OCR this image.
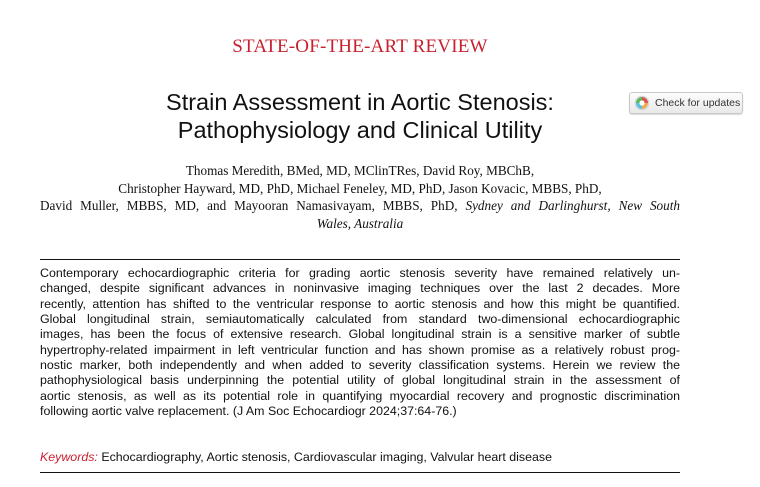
STATE-OF-THE-ART REVIEW
Strain Assessment in Aortic Stenosis:
Pathophysiology and Clinical Utility
Check for updates
Thomas Meredith, BMed, MD, MClinTRes, David Roy, MBChB,
Christopher Hayward, MD, PhD, Michael Feneley, MD, PhD, Jason Kovacic, MBBS, PhD,
David Muller, MBBS, MD, and Mayooran Namasivayam, MBBS, PhD, Sydney and Darlinghurst, New South
Wales, Australia
Contemporary echocardiographic criteria for grading aortic stenosis severity have remained relatively un-
changed, despite significant advances in noninvasive imaging techniques over the last 2 decades. More
recently, attention has shifted to the ventricular response to aortic stenosis and how this might be quantified.
Global longitudinal strain, semiautomatically calculated from standard two-dimensional echocardiographic
images, has been the focus of extensive research. Global longitudinal strain is a sensitive marker of subtle
hypertrophy-related impairment in left ventricular function and has shown promise as a relatively robust prog-
nostic marker, both independently and when added to severity classification systems. Herein we review the
pathophysiological basis underpinning the potential utility of global longitudinal strain in the assessment of
aortic stenosis, as well as its potential role in quantifying myocardial recovery and prognostic discrimination
following aortic valve replacement. (J Am Soc Echocardiogr 2024;37:64-76.)
Keywords: Echocardiography, Aortic stenosis, Cardiovascular imaging, Valvular heart disease
